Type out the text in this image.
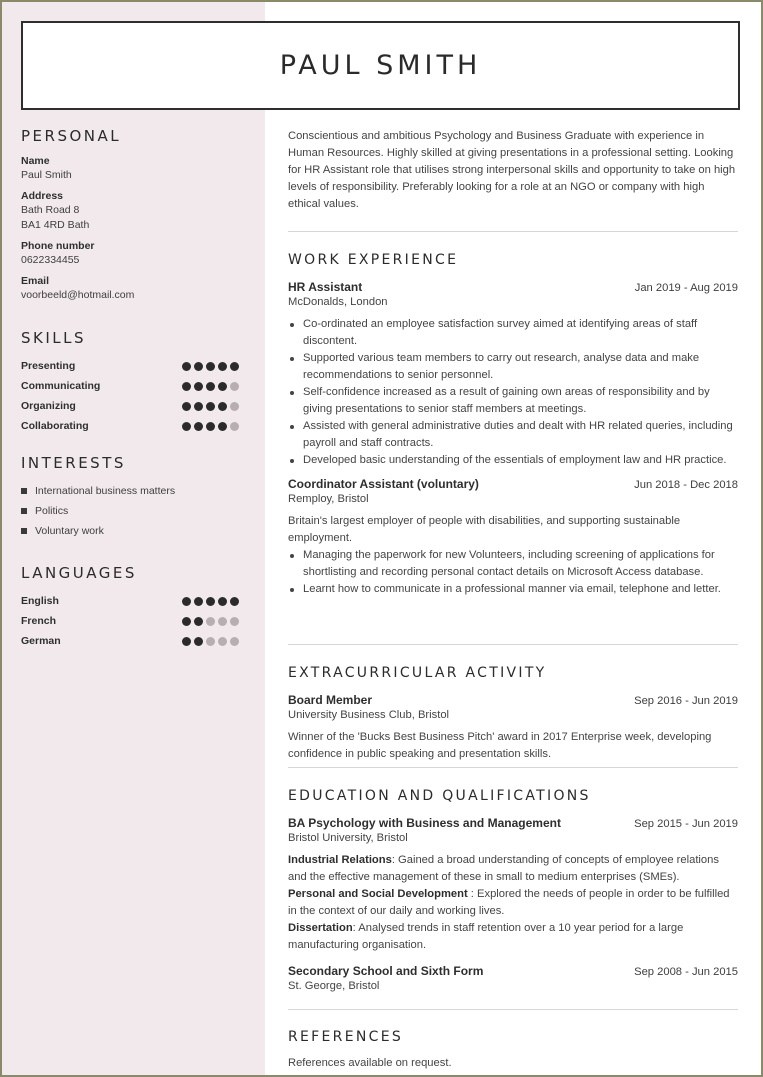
PAUL SMITH
PERSONAL
Name
Paul Smith
Address
Bath Road 8
BA1 4RD Bath
Phone number
0622334455
Email
voorbeeld@hotmail.com
SKILLS
Presenting
Communicating
Organizing
Collaborating
INTERESTS
International business matters
Politics
Voluntary work
LANGUAGES
English
French
German

Conscientious and ambitious Psychology and Business Graduate with experience in Human Resources. Highly skilled at giving presentations in a professional setting. Looking for HR Assistant role that utilises strong interpersonal skills and opportunity to take on high levels of responsibility. Preferably looking for a role at an NGO or company with high ethical values.

WORK EXPERIENCE
HR Assistant	Jan 2019 - Aug 2019
McDonalds, London
Co-ordinated an employee satisfaction survey aimed at identifying areas of staff discontent.
Supported various team members to carry out research, analyse data and make recommendations to senior personnel.
Self-confidence increased as a result of gaining own areas of responsibility and by giving presentations to senior staff members at meetings.
Assisted with general administrative duties and dealt with HR related queries, including payroll and staff contracts.
Developed basic understanding of the essentials of employment law and HR practice.
Coordinator Assistant (voluntary)	Jun 2018 - Dec 2018
Remploy, Bristol

Britain's largest employer of people with disabilities, and supporting sustainable employment.

Managing the paperwork for new Volunteers, including screening of applications for shortlisting and recording personal contact details on Microsoft Access database.
Learnt how to communicate in a professional manner via email, telephone and letter.
EXTRACURRICULAR ACTIVITY
Board Member	Sep 2016 - Jun 2019
University Business Club, Bristol

Winner of the 'Bucks Best Business Pitch' award in 2017 Enterprise week, developing confidence in public speaking and presentation skills.

EDUCATION AND QUALIFICATIONS
BA Psychology with Business and Management	Sep 2015 - Jun 2019
Bristol University, Bristol

Industrial Relations: Gained a broad understanding of concepts of employee relations and the effective management of these in small to medium enterprises (SMEs).

Personal and Social Development : Explored the needs of people in order to be fulfilled in the context of our daily and working lives.

Dissertation: Analysed trends in staff retention over a 10 year period for a large manufacturing organisation.

Secondary School and Sixth Form	Sep 2008 - Jun 2015
St. George, Bristol
REFERENCES

References available on request.
